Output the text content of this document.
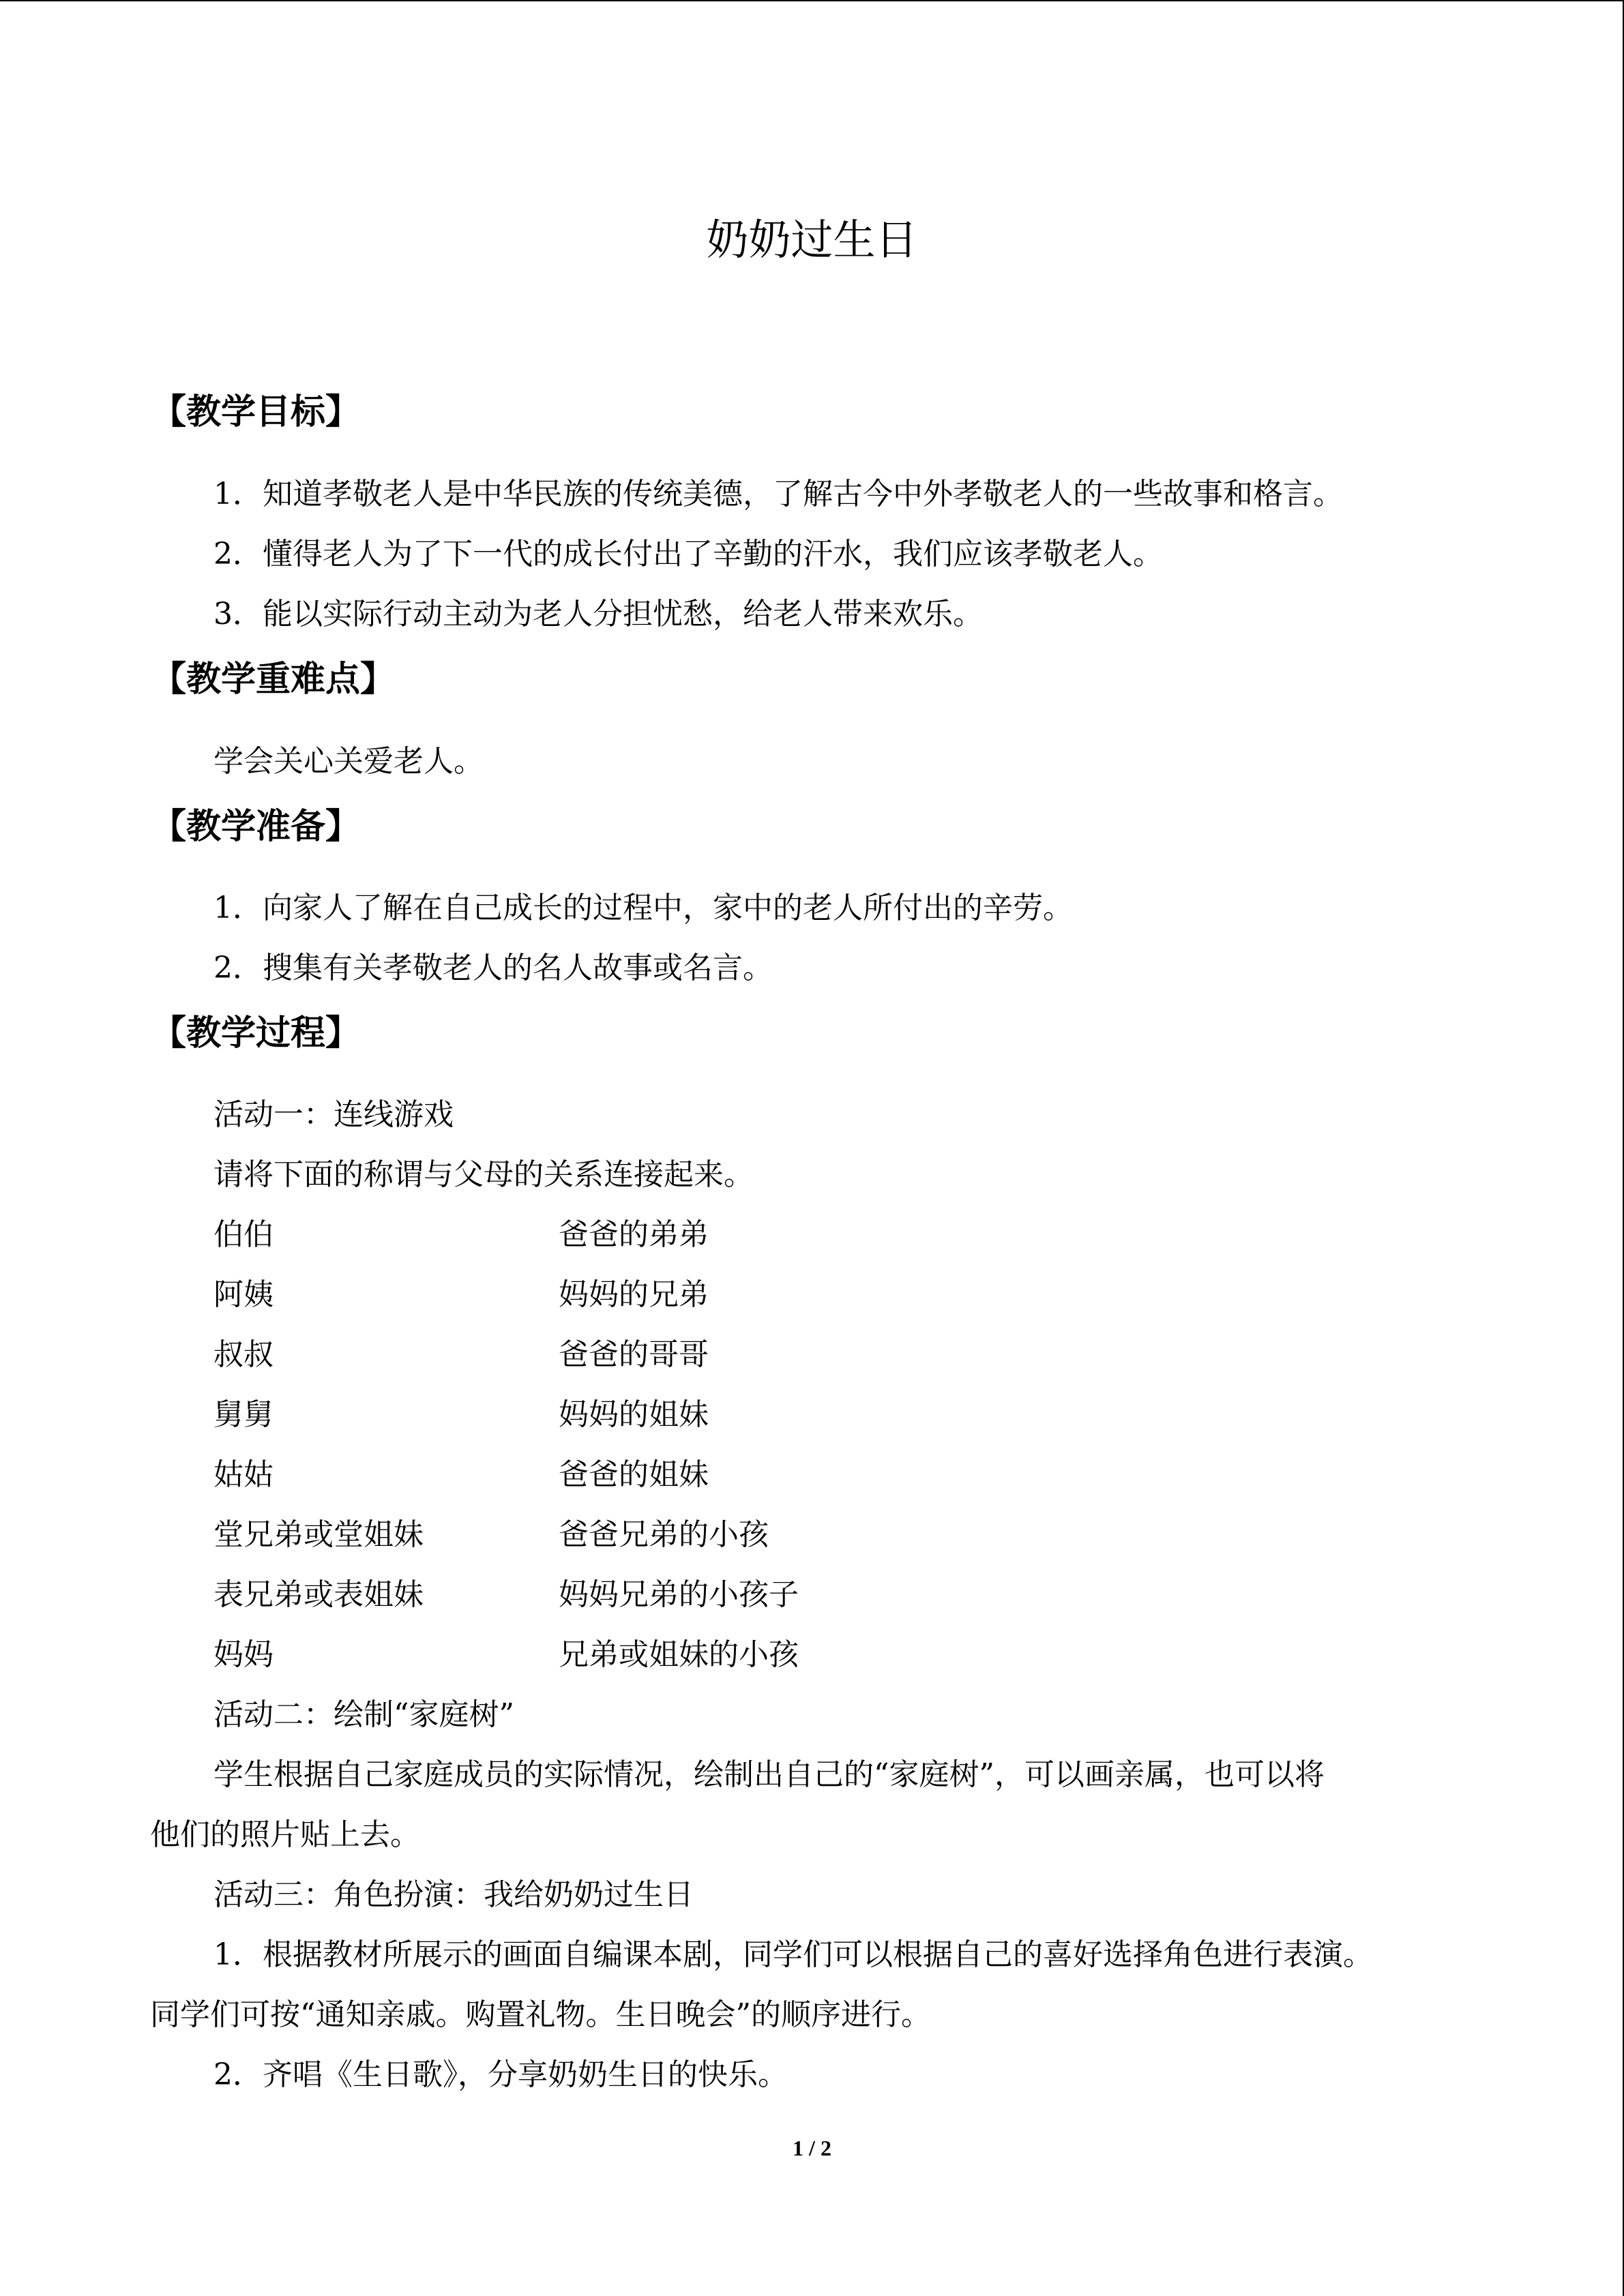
奶奶过生日
【教学目标】
1．知道孝敬老人是中华民族的传统美德，了解古今中外孝敬老人的一些故事和格言。
2．懂得老人为了下一代的成长付出了辛勤的汗水，我们应该孝敬老人。
3．能以实际行动主动为老人分担忧愁，给老人带来欢乐。
【教学重难点】
学会关心关爱老人。
【教学准备】
1．向家人了解在自己成长的过程中，家中的老人所付出的辛劳。
2．搜集有关孝敬老人的名人故事或名言。
【教学过程】
活动一：连线游戏
请将下面的称谓与父母的关系连接起来。
伯伯	爸爸的弟弟
阿姨	妈妈的兄弟
叔叔	爸爸的哥哥
舅舅	妈妈的姐妹
姑姑	爸爸的姐妹
堂兄弟或堂姐妹	爸爸兄弟的小孩
表兄弟或表姐妹	妈妈兄弟的小孩子
妈妈	兄弟或姐妹的小孩
活动二：绘制“家庭树”
学生根据自己家庭成员的实际情况，绘制出自己的“家庭树”，可以画亲属，也可以将
他们的照片贴上去。
活动三：角色扮演：我给奶奶过生日
1．根据教材所展示的画面自编课本剧，同学们可以根据自己的喜好选择角色进行表演。
同学们可按“通知亲戚。购置礼物。生日晚会”的顺序进行。
2．齐唱《生日歌》，分享奶奶生日的快乐。
1 / 2
